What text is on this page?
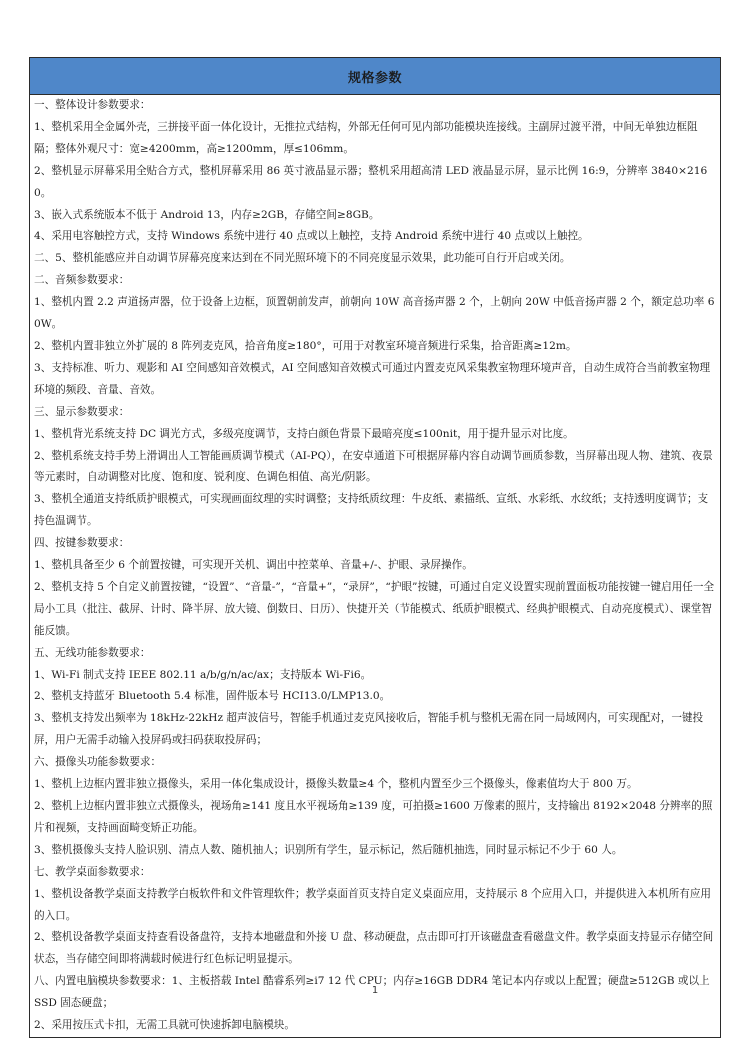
规格参数
一、整体设计参数要求：
1、整机采用全金属外壳，三拼接平面一体化设计，无推拉式结构，外部无任何可见内部功能模块连接线。主副屏过渡平滑，中间无单独边框阻隔；整体外观尺寸：宽≥4200mm，高≥1200mm，厚≤106mm。
2、整机显示屏幕采用全贴合方式，整机屏幕采用 86 英寸液晶显示器；整机采用超高清 LED 液晶显示屏，显示比例 16:9，分辨率 3840×2160。
3、嵌入式系统版本不低于 Android 13，内存≥2GB，存储空间≥8GB。
4、采用电容触控方式，支持 Windows 系统中进行 40 点或以上触控，支持 Android 系统中进行 40 点或以上触控。
二、5、整机能感应并自动调节屏幕亮度来达到在不同光照环境下的不同亮度显示效果，此功能可自行开启或关闭。
二、音频参数要求：
1、整机内置 2.2 声道扬声器，位于设备上边框，顶置朝前发声，前朝向 10W 高音扬声器 2 个，上朝向 20W 中低音扬声器 2 个，额定总功率 60W。
2、整机内置非独立外扩展的 8 阵列麦克风，拾音角度≥180°，可用于对教室环境音频进行采集，拾音距离≥12m。
3、支持标准、听力、观影和 AI 空间感知音效模式，AI 空间感知音效模式可通过内置麦克风采集教室物理环境声音，自动生成符合当前教室物理环境的频段、音量、音效。
三、显示参数要求：
1、整机背光系统支持 DC 调光方式，多级亮度调节，支持白颜色背景下最暗亮度≤100nit，用于提升显示对比度。
2、整机系统支持手势上滑调出人工智能画质调节模式（AI-PQ），在安卓通道下可根据屏幕内容自动调节画质参数，当屏幕出现人物、建筑、夜景等元素时，自动调整对比度、饱和度、锐利度、色调色相值、高光/阴影。
3、整机全通道支持纸质护眼模式，可实现画面纹理的实时调整；支持纸质纹理：牛皮纸、素描纸、宣纸、水彩纸、水纹纸；支持透明度调节；支持色温调节。
四、按键参数要求：
1、整机具备至少 6 个前置按键，可实现开关机、调出中控菜单、音量+/-、护眼、录屏操作。
2、整机支持 5 个自定义前置按键，“设置”、“音量-”，“音量+”，“录屏”，“护眼”按键，可通过自定义设置实现前置面板功能按键一键启用任一全局小工具（批注、截屏、计时、降半屏、放大镜、倒数日、日历）、快捷开关（节能模式、纸质护眼模式、经典护眼模式、自动亮度模式）、课堂智能反馈。
五、无线功能参数要求：
1、Wi-Fi 制式支持 IEEE 802.11 a/b/g/n/ac/ax；支持版本 Wi-Fi6。
2、整机支持蓝牙 Bluetooth 5.4 标准，固件版本号 HCI13.0/LMP13.0。
3、整机支持发出频率为 18kHz-22kHz 超声波信号，智能手机通过麦克风接收后，智能手机与整机无需在同一局域网内，可实现配对，一键投屏，用户无需手动输入投屏码或扫码获取投屏码；
六、摄像头功能参数要求：
1、整机上边框内置非独立摄像头，采用一体化集成设计，摄像头数量≥4 个，整机内置至少三个摄像头，像素值均大于 800 万。
2、整机上边框内置非独立式摄像头，视场角≥141 度且水平视场角≥139 度，可拍摄≥1600 万像素的照片，支持输出 8192×2048 分辨率的照片和视频，支持画面畸变矫正功能。
3、整机摄像头支持人脸识别、清点人数、随机抽人；识别所有学生，显示标记，然后随机抽选，同时显示标记不少于 60 人。
七、教学桌面参数要求：
1、整机设备教学桌面支持教学白板软件和文件管理软件；教学桌面首页支持自定义桌面应用，支持展示 8 个应用入口，并提供进入本机所有应用的入口。
2、整机设备教学桌面支持查看设备盘符，支持本地磁盘和外接 U 盘、移动硬盘，点击即可打开该磁盘查看磁盘文件。教学桌面支持显示存储空间状态，当存储空间即将满载时候进行红色标记明显提示。
八、内置电脑模块参数要求：1、主板搭载 Intel 酷睿系列≥i7 12 代 CPU；内存≥16GB DDR4 笔记本内存或以上配置；硬盘≥512GB 或以上 SSD 固态硬盘；
2、采用按压式卡扣，无需工具就可快速拆卸电脑模块。
1
